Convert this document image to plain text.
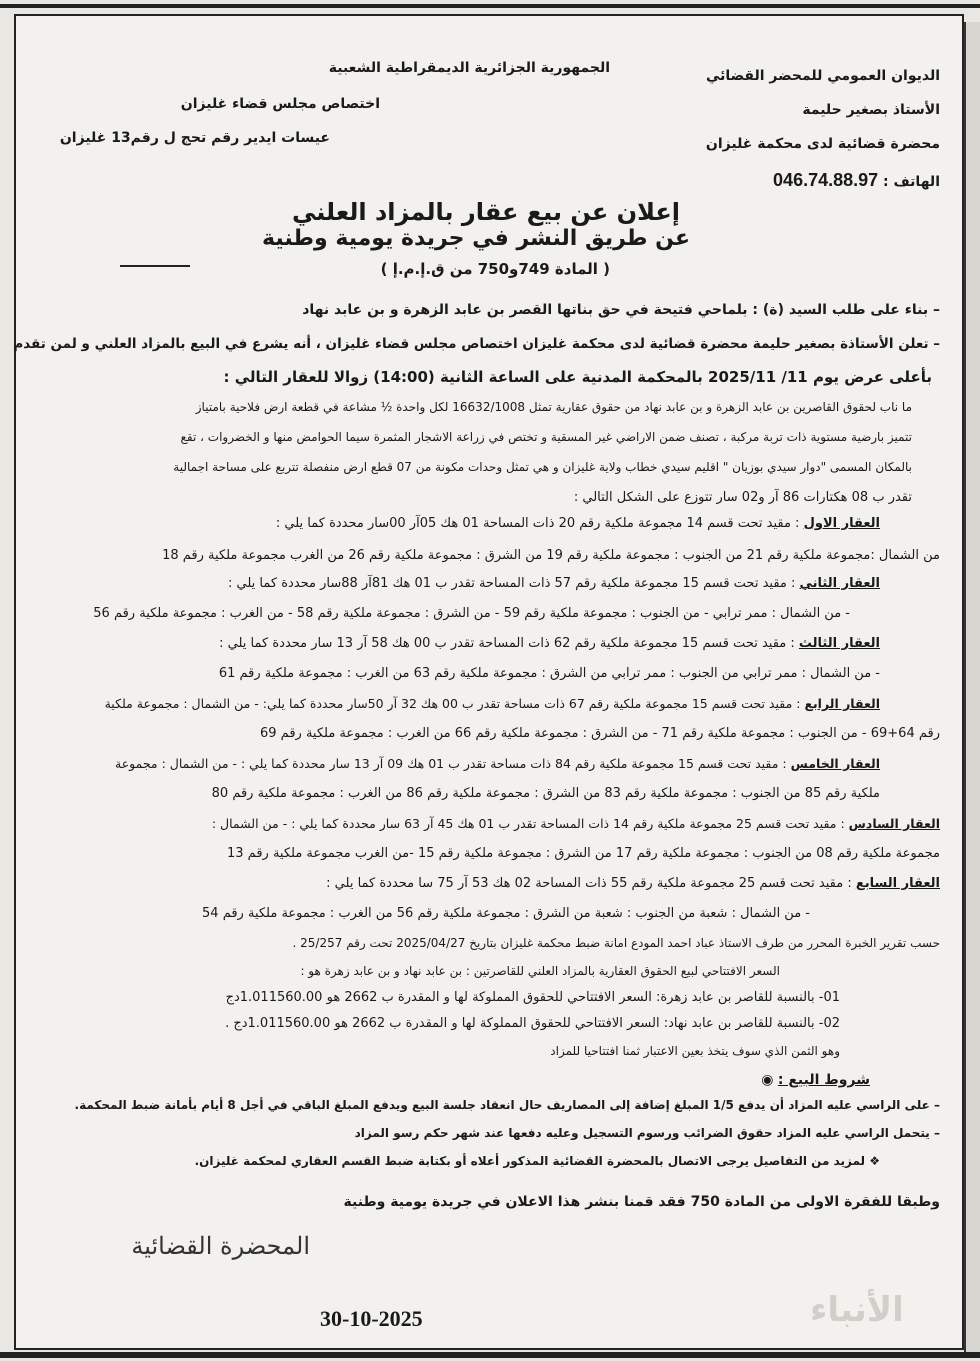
الديوان العمومي للمحضر القضائي
الأستاذ بصغير حليمة
محضرة قضائية لدى محكمة غليزان
الهاتف : 046.74.88.97
الجمهورية الجزائرية الديمقراطية الشعبية
اختصاص مجلس قضاء غليزان
عيسات ايدير رقم تحج ل رقم13 غليزان
إعلان عن بيع عقار بالمزاد العلني
عن طريق النشر في جريدة يومية وطنية
( المادة 749و750 من ق.إ.م.إ )
– بناء على طلب السيد (ة) : بلماحي فتيحة في حق بناتها القصر بن عابد الزهرة و بن عابد نهاد
– تعلن الأستاذة بصغير حليمة محضرة قضائية لدى محكمة غليزان اختصاص مجلس قضاء غليزان ، أنه يشرع في البيع بالمزاد العلني و لمن تقدم
بأعلى عرض يوم 11/ 2025/11 بالمحكمة المدنية على الساعة الثانية (14:00) زوالا للعقار التالي :
ما ناب لحقوق القاصرين بن عابد الزهرة و بن عابد نهاد من حقوق عقارية تمثل 16632/1008 لكل واحدة ½ مشاعة في قطعة ارض فلاحية بامتياز
تتميز بارضية مستوية ذات تربة مركبة ، تصنف ضمن الاراضي غير المسقية و تختص في زراعة الاشجار المثمرة سيما الحوامض منها و الخضروات ، تقع
بالمكان المسمى "دوار سيدي بوزيان " اقليم سيدي خطاب ولاية غليزان و هي تمثل وحدات مكونة من 07 قطع ارض منفصلة تتربع على مساحة اجمالية
تقدر ب 08 هكتارات 86 آر و02 سار تتوزع على الشكل التالي :
العقار الاول : مقيد تحت قسم 14 مجموعة ملكية رقم 20 ذات المساحة 01 هك 05آر 00سار محددة كما يلي :
من الشمال :مجموعة ملكية رقم 21 من الجنوب : مجموعة ملكية رقم 19 من الشرق : مجموعة ملكية رقم 26 من الغرب مجموعة ملكية رقم 18
العقار الثاني : مقيد تحت قسم 15 مجموعة ملكية رقم 57 ذات المساحة تقدر ب 01 هك 81آر 88سار محددة كما يلي :
- من الشمال : ممر ترابي - من الجنوب : مجموعة ملكية رقم 59 - من الشرق : مجموعة ملكية رقم 58 - من الغرب : مجموعة ملكية رقم 56
العقار الثالث : مقيد تحت قسم 15 مجموعة ملكية رقم 62 ذات المساحة تقدر ب 00 هك 58 آر 13 سار محددة كما يلي :
- من الشمال : ممر ترابي من الجنوب : ممر ترابي من الشرق : مجموعة ملكية رقم 63 من الغرب : مجموعة ملكية رقم 61
العقار الرابع : مقيد تحت قسم 15 مجموعة ملكية رقم 67 ذات مساحة تقدر ب 00 هك 32 آر 50سار محددة كما يلي: - من الشمال : مجموعة ملكية
رقم 64+69 - من الجنوب : مجموعة ملكية رقم 71 - من الشرق : مجموعة ملكية رقم 66 من الغرب : مجموعة ملكية رقم 69
العقار الخامس : مقيد تحت قسم 15 مجموعة ملكية رقم 84 ذات مساحة تقدر ب 01 هك 09 آر 13 سار محددة كما يلي : - من الشمال : مجموعة
ملكية رقم 85 من الجنوب : مجموعة ملكية رقم 83 من الشرق : مجموعة ملكية رقم 86 من الغرب : مجموعة ملكية رقم 80
العقار السادس : مقيد تحت قسم 25 مجموعة ملكية رقم 14 ذات المساحة تقدر ب 01 هك 45 آر 63 سار محددة كما يلي : - من الشمال :
مجموعة ملكية رقم 08 من الجنوب : مجموعة ملكية رقم 17 من الشرق : مجموعة ملكية رقم 15 -من الغرب مجموعة ملكية رقم 13
العقار السابع : مقيد تحت قسم 25 مجموعة ملكية رقم 55 ذات المساحة 02 هك 53 آر 75 سا محددة كما يلي :
- من الشمال : شعبة من الجنوب : شعبة من الشرق : مجموعة ملكية رقم 56 من الغرب : مجموعة ملكية رقم 54
حسب تقرير الخبرة المحرر من طرف الاستاذ عباد احمد المودع امانة ضبط محكمة غليزان بتاريخ 2025/04/27 تحت رقم 25/257 .
السعر الافتتاحي لبيع الحقوق العقارية بالمزاد العلني للقاصرتين : بن عابد نهاد و بن عابد زهرة هو :
01- بالنسبة للقاصر بن عابد زهرة: السعر الافتتاحي للحقوق المملوكة لها و المقدرة ب 2662 هو 1.011560.00دج
02- بالنسبة للقاصر بن عابد نهاد: السعر الافتتاحي للحقوق المملوكة لها و المقدرة ب 2662 هو 1.011560.00دج .
وهو الثمن الذي سوف يتخذ بعين الاعتبار ثمنا افتتاحيا للمزاد
شروط البيع : ◉
– على الراسي عليه المزاد أن يدفع 1/5 المبلغ إضافة إلى المصاريف حال انعقاد جلسة البيع ويدفع المبلغ الباقي في أجل 8 أيام بأمانة ضبط المحكمة.
– يتحمل الراسي عليه المزاد حقوق الضرائب ورسوم التسجيل وعليه دفعها عند شهر حكم رسو المزاد
❖ لمزيد من التفاصيل يرجى الاتصال بالمحضرة القضائية المذكور أعلاه أو بكتابة ضبط القسم العقاري لمحكمة غليزان.
وطبقا للفقرة الاولى من المادة 750 فقد قمنا بنشر هذا الاعلان في جريدة يومية وطنية
المحضرة القضائية
30-10-2025	الأنباء
